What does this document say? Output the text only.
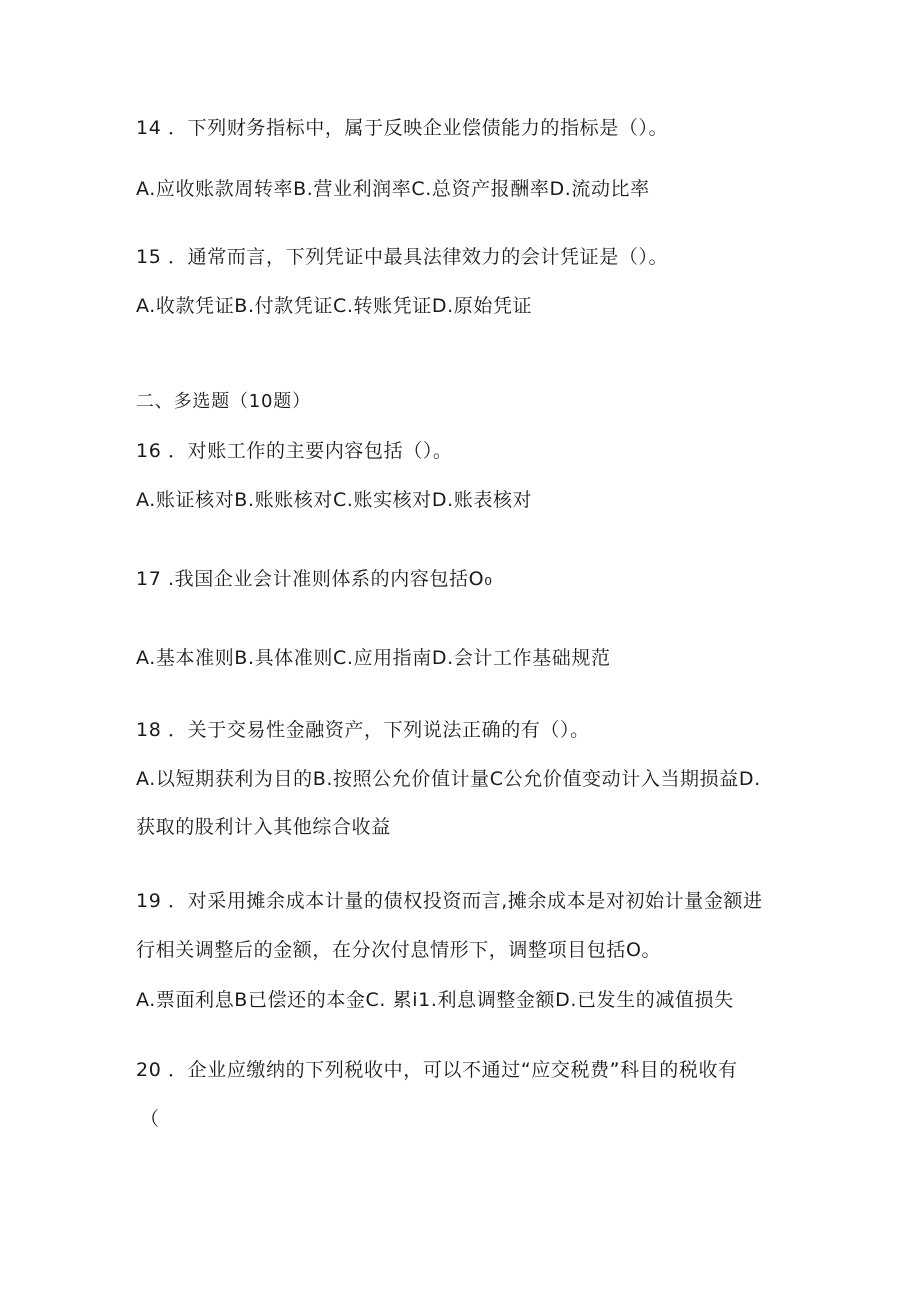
14 ．下列财务指标中，属于反映企业偿债能力的指标是（）。
A.应收账款周转率B.营业利润率C.总资产报酬率D.流动比率
15 ．通常而言，下列凭证中最具法律效力的会计凭证是（）。
A.收款凭证B.付款凭证C.转账凭证D.原始凭证
二、多选题（10题）
16 ．对账工作的主要内容包括（）。
A.账证核对B.账账核对C.账实核对D.账表核对
17 .我国企业会计准则体系的内容包括O₀
A.基本准则B.具体准则C.应用指南D.会计工作基础规范
18 ．关于交易性金融资产，下列说法正确的有（）。
A.以短期获利为目的B.按照公允价值计量C公允价值变动计入当期损益D.
获取的股利计入其他综合收益
19 ．对采用摊余成本计量的债权投资而言,摊余成本是对初始计量金额进
行相关调整后的金额，在分次付息情形下，调整项目包括O。
A.票面利息B已偿还的本金C. 累i1.利息调整金额D.已发生的减值损失
20 ．企业应缴纳的下列税收中，可以不通过“应交税费”科目的税收有
（
